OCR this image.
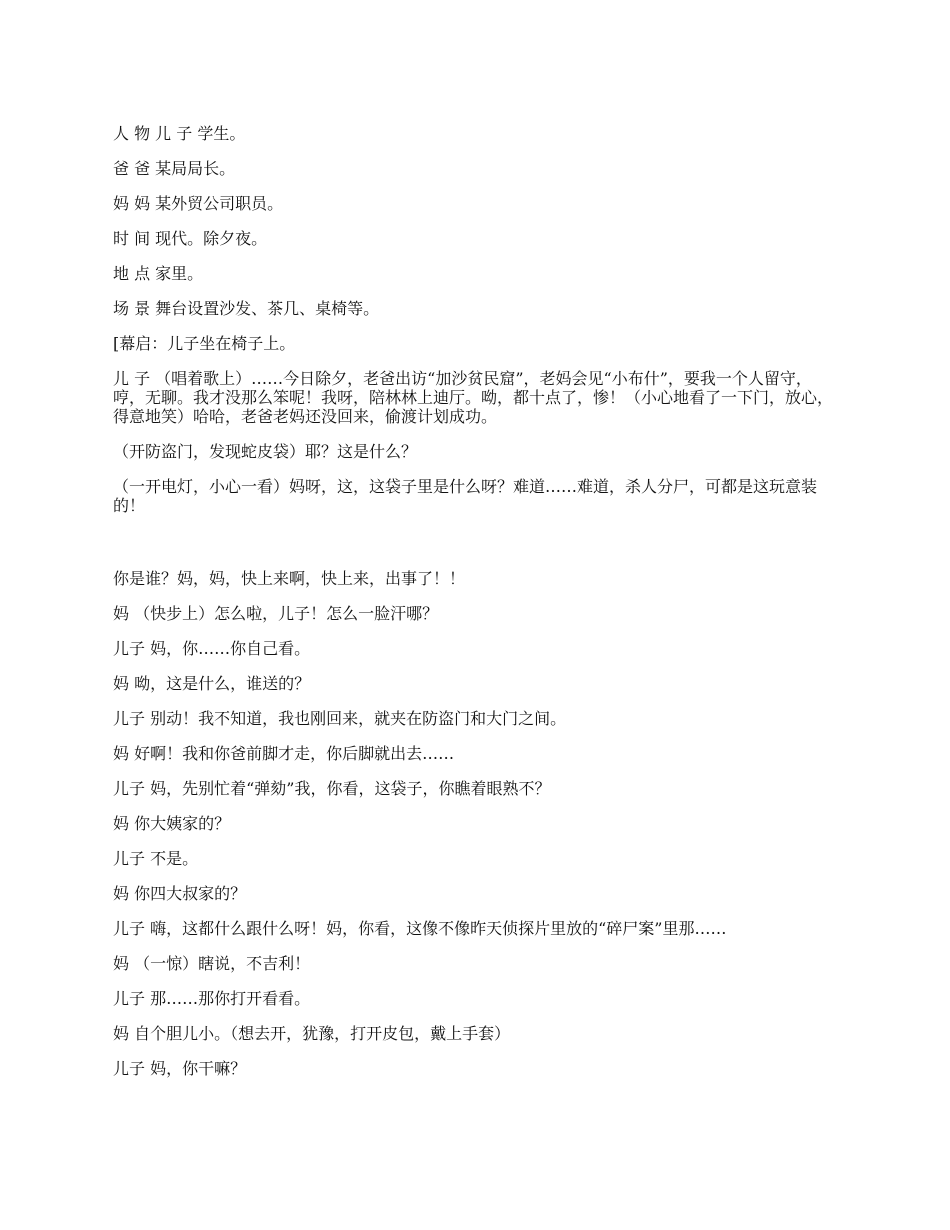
人 物 儿 子 学生。

爸 爸 某局局长。

妈 妈 某外贸公司职员。

时 间 现代。除夕夜。

地 点 家里。

场 景 舞台设置沙发、茶几、桌椅等。

[幕启：儿子坐在椅子上。

儿 子 （唱着歌上）……今日除夕，老爸出访“加沙贫民窟”，老妈会见“小布什”，要我一个人留守，哼，无聊。我才没那么笨呢！我呀，陪林林上迪厅。呦，都十点了，惨！（小心地看了一下门，放心，得意地笑）哈哈，老爸老妈还没回来，偷渡计划成功。

（开防盗门，发现蛇皮袋）耶？这是什么？

（一开电灯，小心一看）妈呀，这，这袋子里是什么呀？难道……难道，杀人分尸，可都是这玩意装的！

你是谁？妈，妈，快上来啊，快上来，出事了！！

妈 （快步上）怎么啦，儿子！怎么一脸汗哪？

儿子 妈，你……你自己看。

妈 呦，这是什么，谁送的？

儿子 别动！我不知道，我也刚回来，就夹在防盗门和大门之间。

妈 好啊！我和你爸前脚才走，你后脚就出去……

儿子 妈，先别忙着“弹劾”我，你看，这袋子，你瞧着眼熟不？

妈 你大姨家的？

儿子 不是。

妈 你四大叔家的？

儿子 嗨，这都什么跟什么呀！妈，你看，这像不像昨天侦探片里放的“碎尸案”里那……

妈 （一惊）瞎说，不吉利！

儿子 那……那你打开看看。

妈 自个胆儿小。（想去开，犹豫，打开皮包，戴上手套）

儿子 妈，你干嘛？
